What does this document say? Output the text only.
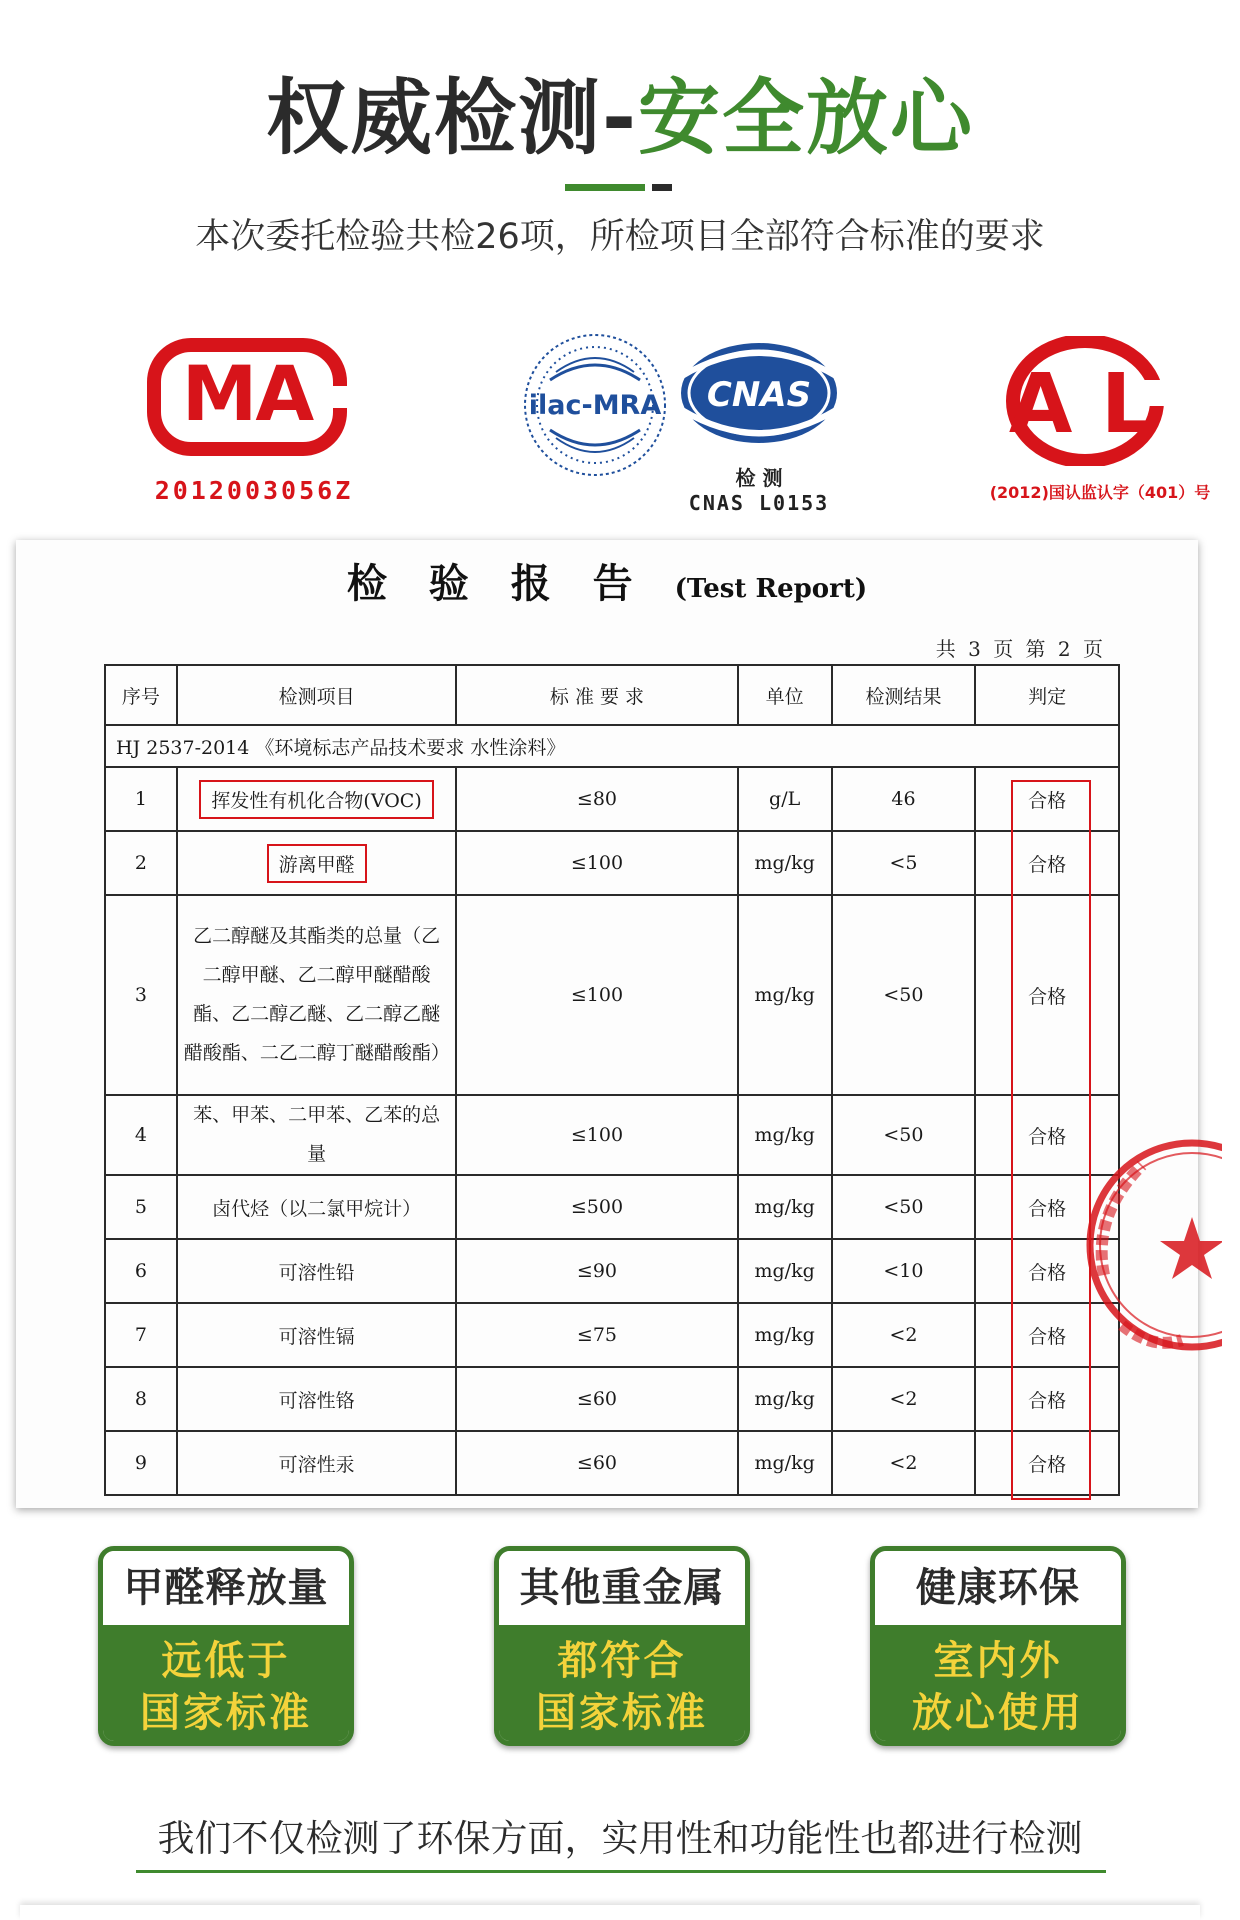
权威检测-安全放心
本次委托检验共检26项，所检项目全部符合标准的要求
MA
2012003056Z
ilac-MRA CNAS
检 测
CNAS L0153
A L
(2012)国认监认字（401）号
检 验 报 告 (Test Report)
共 3 页 第 2 页
序号	检测项目	标 准 要 求	单位	检测结果	判定
HJ 2537-2014 《环境标志产品技术要求 水性涂料》					
1	挥发性有机化合物(VOC)	≤80	g/L	46	合格
2	游离甲醛	≤100	mg/kg	<5	合格
3	乙二醇醚及其酯类的总量（乙二醇甲醚、乙二醇甲醚醋酸酯、乙二醇乙醚、乙二醇乙醚醋酸酯、二乙二醇丁醚醋酸酯）	≤100	mg/kg	<50	合格
4	苯、甲苯、二甲苯、乙苯的总量	≤100	mg/kg	<50	合格
5	卤代烃（以二氯甲烷计）	≤500	mg/kg	<50	合格
6	可溶性铅	≤90	mg/kg	<10	合格
7	可溶性镉	≤75	mg/kg	<2	合格
8	可溶性铬	≤60	mg/kg	<2	合格
9	可溶性汞	≤60	mg/kg	<2	合格
甲醛释放量
远低于
国家标准
其他重金属
都符合
国家标准
健康环保
室内外
放心使用
我们不仅检测了环保方面，实用性和功能性也都进行检测
